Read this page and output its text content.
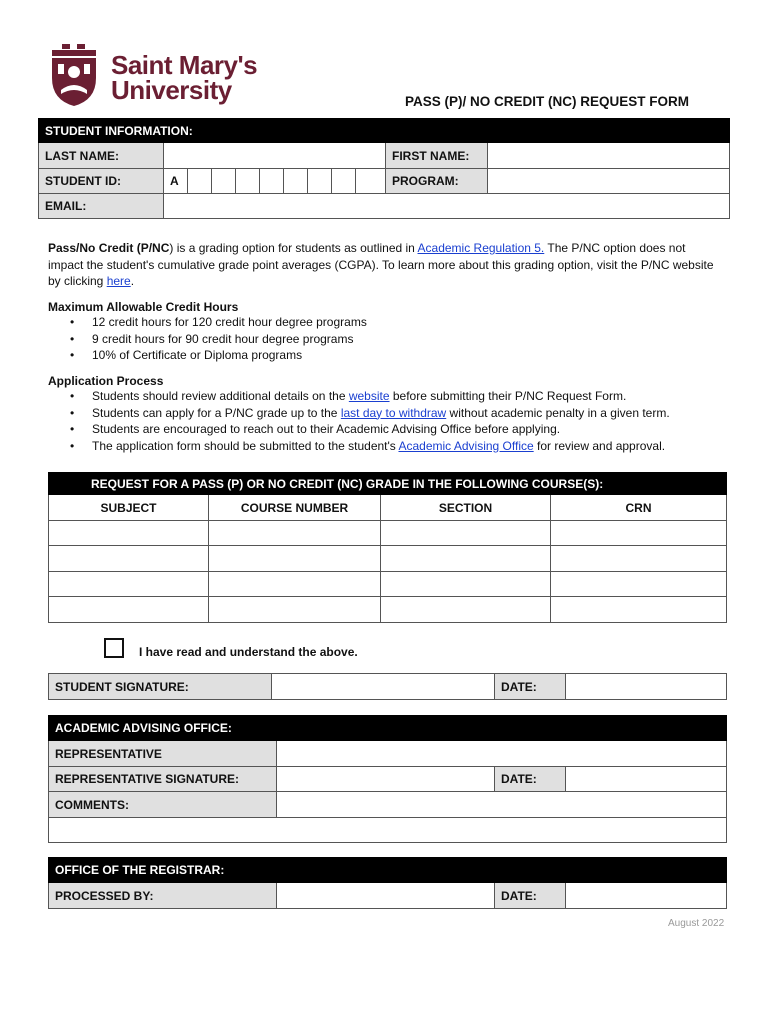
Saint Mary's
University	PASS (P)/ NO CREDIT (NC) REQUEST FORM
STUDENT INFORMATION:											
LAST NAME:										FIRST NAME:	
STUDENT ID:	A									PROGRAM:	
EMAIL:											
Pass/No Credit (P/NC) is a grading option for students as outlined in Academic Regulation 5. The P/NC option does not impact the student's cumulative grade point averages (CGPA). To learn more about this grading option, visit the P/NC website by clicking here.
Maximum Allowable Credit Hours
• 12 credit hours for 120 credit hour degree programs
• 9 credit hours for 90 credit hour degree programs
• 10% of Certificate or Diploma programs
Application Process
• Students should review additional details on the website before submitting their P/NC Request Form.
• Students can apply for a P/NC grade up to the last day to withdraw without academic penalty in a given term.
• Students are encouraged to reach out to their Academic Advising Office before applying.
• The application form should be submitted to the student's Academic Advising Office for review and approval.
REQUEST FOR A PASS (P) OR NO CREDIT (NC) GRADE IN THE FOLLOWING COURSE(S):			
SUBJECT	COURSE NUMBER	SECTION	CRN

I have read and understand the above.
STUDENT SIGNATURE:		DATE:	
ACADEMIC ADVISING OFFICE:			
REPRESENTATIVE			
REPRESENTATIVE SIGNATURE:		DATE:	
COMMENTS:			

OFFICE OF THE REGISTRAR:
PROCESSED BY:		DATE:	
August 2022
